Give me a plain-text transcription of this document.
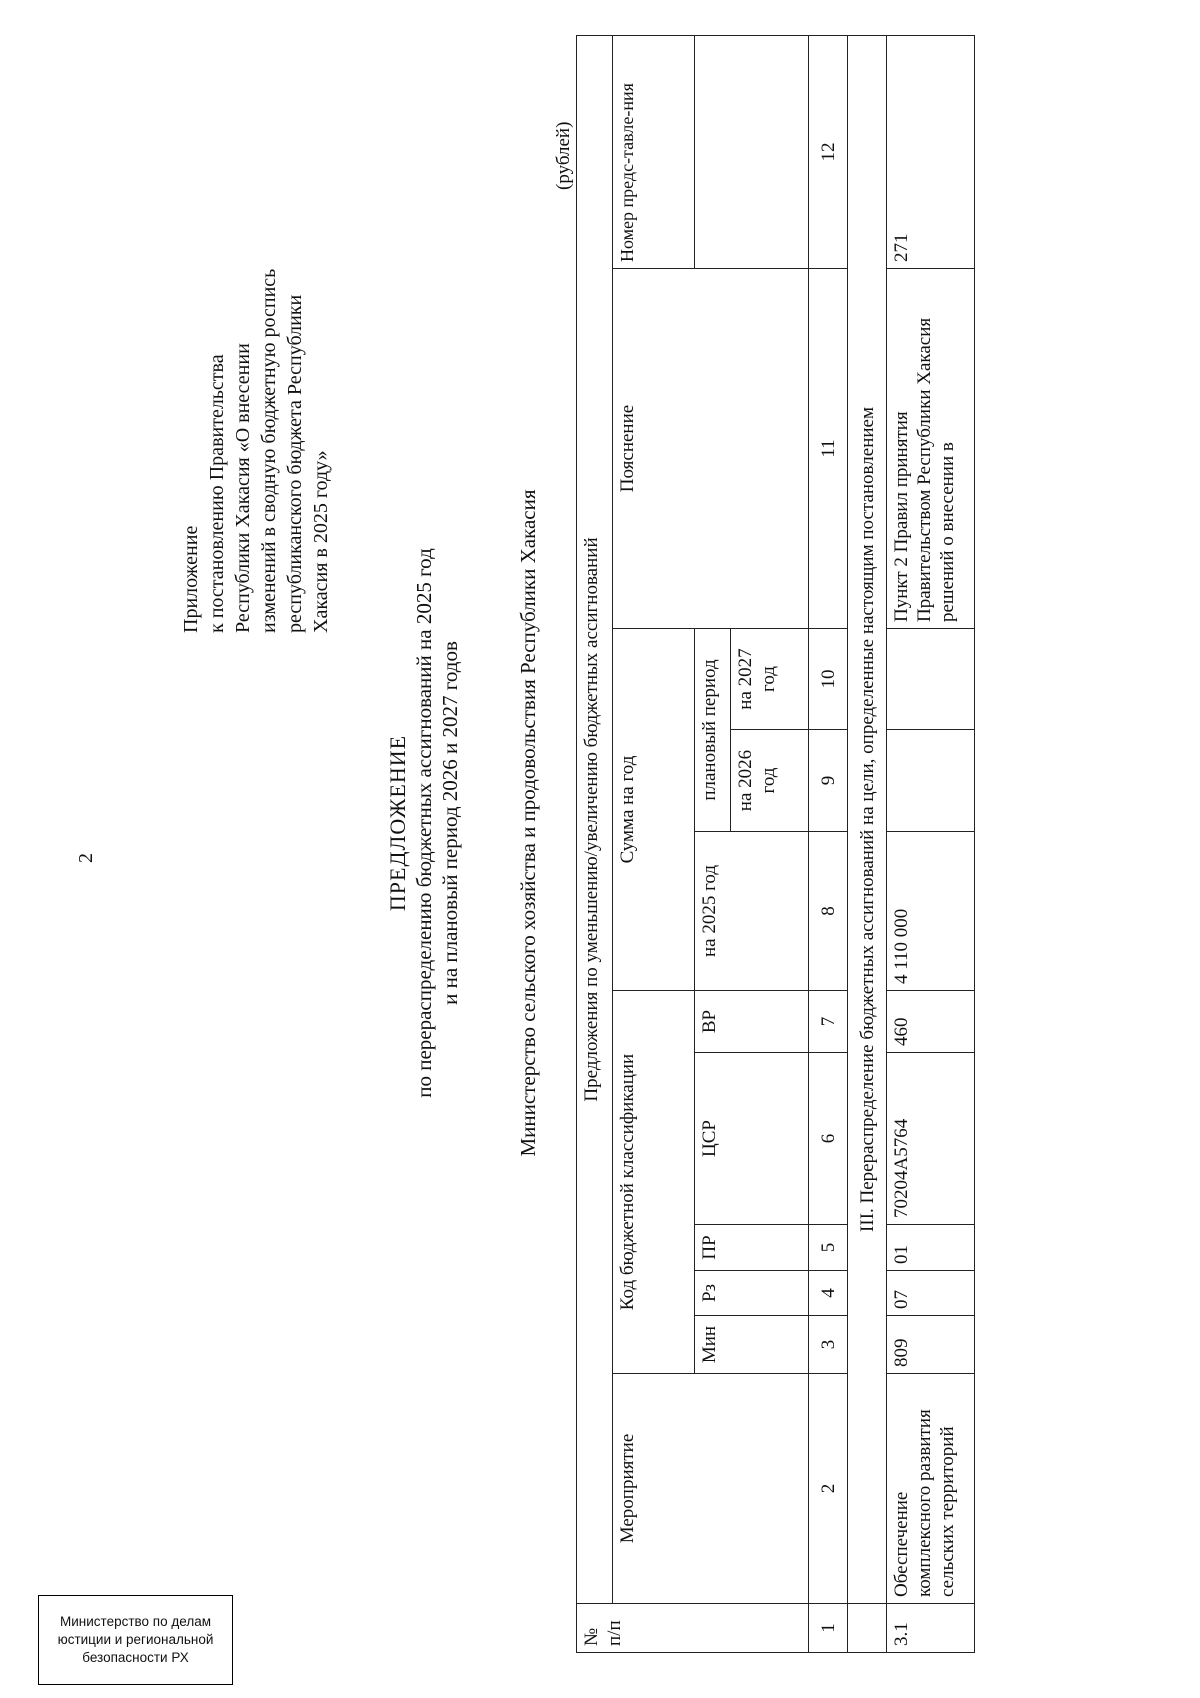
2
Приложение к постановлению Правительства Республики Хакасия «О внесении изменений в сводную бюджетную роспись республиканского бюджета Республики Хакасия в 2025 году»
ПРЕДЛОЖЕНИЕ по перераспределению бюджетных ассигнований на 2025 год и на плановый период 2026 и 2027 годов	Министерство сельского хозяйства и продовольствия Республики Хакасия
(рублей)
№ п/п	Предложения по уменьшению/увеличению бюджетных ассигнований										
	Мероприятие	Код бюджетной классификации					Сумма на год			Пояснение	Номер предс-тавле-ния
		Мин	Рз	ПР	ЦСР	ВР	на 2025 год	плановый период			
								на 2026 год	на 2027 год		
1	2	3	4	5	6	7	8	9	10	11	12
	III. Перераспределение бюджетных ассигнований на цели, определенные настоящим постановлением										
3.1	Обеспечение комплексного развития сельских территорий	809	07	01	70204А5764	460	4 110 000			Пункт 2 Правил принятия Правительством Республики Хакасия решений о внесении в	271
Министерство по делам
юстиции и региональной
безопасности РХ
